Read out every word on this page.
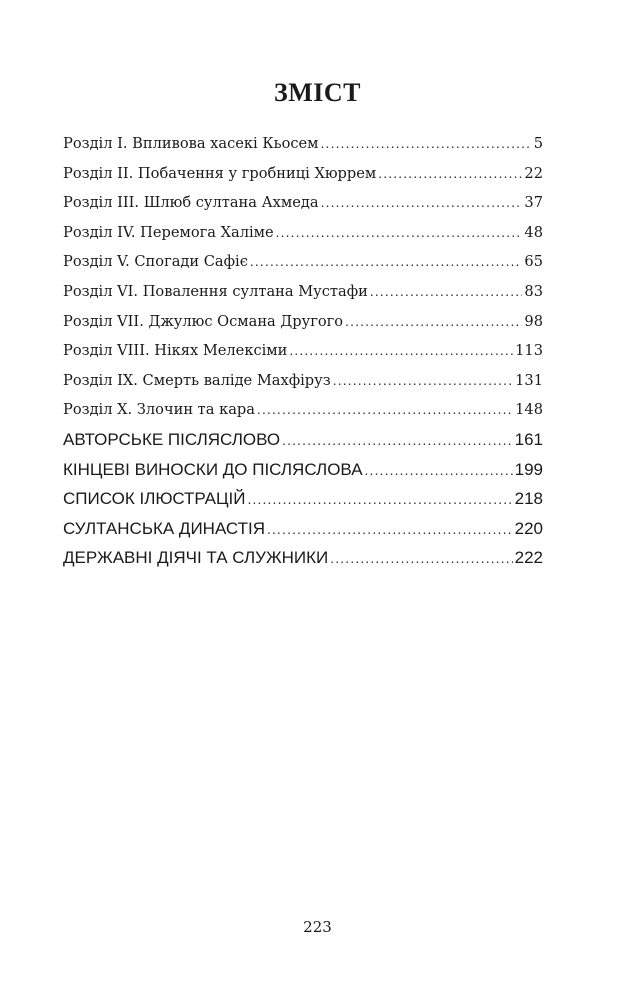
ЗМІСТ
Розділ I. Впливова хасекі Кьосем .....	5
Розділ II. Побачення у гробниці Хюррем .....	22
Розділ III. Шлюб султана Ахмеда .....	37
Розділ IV. Перемога Халіме .....	48
Розділ V. Спогади Сафіє .....	65
Розділ VI. Повалення султана Мустафи .....	83
Розділ VII. Джулюс Османа Другого .....	98
Розділ VIII. Нікях Мелексіми .....	113
Розділ IX. Смерть валіде Махфіруз .....	131
Розділ X. Злочин та кара .....	148
АВТОРСЬКЕ ПІСЛЯСЛОВО .....	161
КІНЦЕВІ ВИНОСКИ ДО ПІСЛЯСЛОВА .....	199
СПИСОК ІЛЮСТРАЦІЙ .....	218
СУЛТАНСЬКА ДИНАСТІЯ .....	220
ДЕРЖАВНІ ДІЯЧІ ТА СЛУЖНИКИ .....	222
223
